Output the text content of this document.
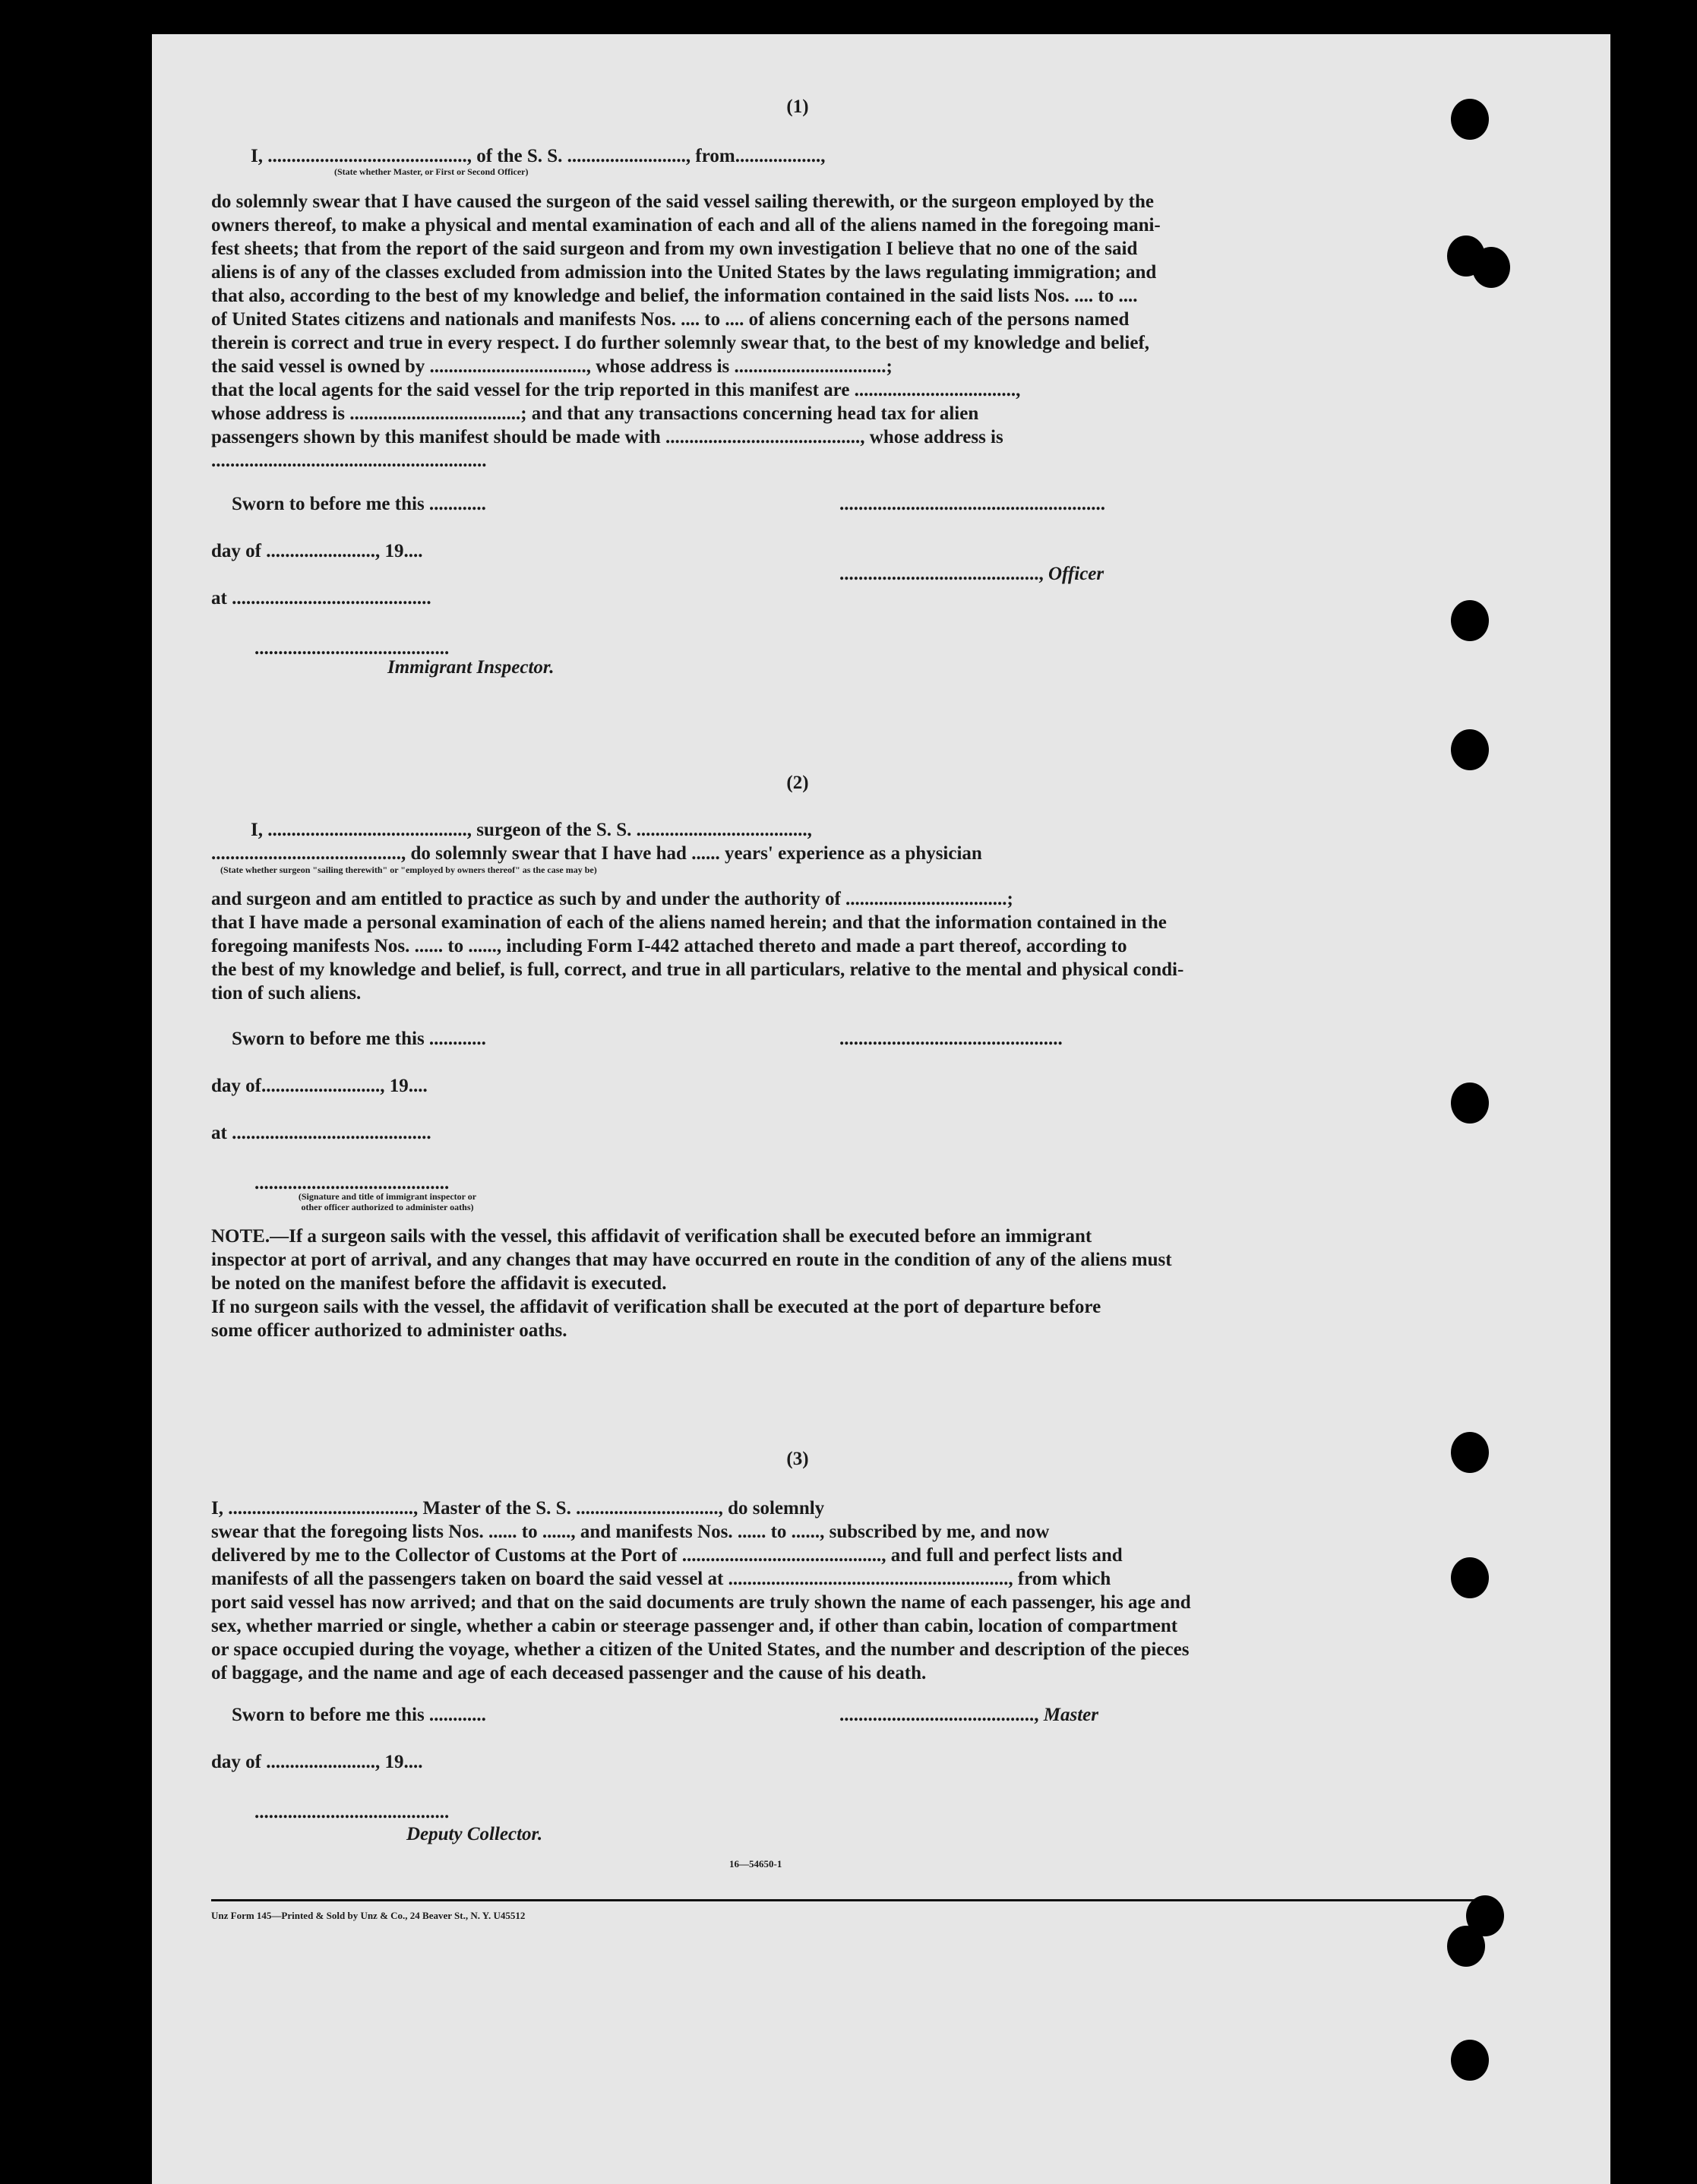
(1)
I, .........................................., of the S. S. ........................., from..................,
(State whether Master, or First or Second Officer)
do solemnly swear that I have caused the surgeon of the said vessel sailing therewith, or the surgeon employed by the
owners thereof, to make a physical and mental examination of each and all of the aliens named in the foregoing mani-
fest sheets; that from the report of the said surgeon and from my own investigation I believe that no one of the said
aliens is of any of the classes excluded from admission into the United States by the laws regulating immigration; and
that also, according to the best of my knowledge and belief, the information contained in the said lists Nos. .... to ....
of United States citizens and nationals and manifests Nos. .... to .... of aliens concerning each of the persons named
therein is correct and true in every respect. I do further solemnly swear that, to the best of my knowledge and belief,
the said vessel is owned by ................................., whose address is ................................;
that the local agents for the said vessel for the trip reported in this manifest are ..................................,
whose address is ....................................; and that any transactions concerning head tax for alien
passengers shown by this manifest should be made with ........................................., whose address is
..........................................................
Sworn to before me this ............	........................................................
day of ......................., 19....
.........................................., Officer
at ..........................................
.........................................
Immigrant Inspector.
(2)
I, .........................................., surgeon of the S. S. ....................................,
........................................, do solemnly swear that I have had ...... years' experience as a physician
(State whether surgeon "sailing therewith" or "employed by owners thereof" as the case may be)
and surgeon and am entitled to practice as such by and under the authority of ..................................;
that I have made a personal examination of each of the aliens named herein; and that the information contained in the
foregoing manifests Nos. ...... to ......, including Form I-442 attached thereto and made a part thereof, according to
the best of my knowledge and belief, is full, correct, and true in all particulars, relative to the mental and physical condi-
tion of such aliens.
Sworn to before me this ............	...............................................
day of........................., 19....
at ..........................................
.........................................
(Signature and title of immigrant inspector or
other officer authorized to administer oaths)
NOTE.—If a surgeon sails with the vessel, this affidavit of verification shall be executed before an immigrant
inspector at port of arrival, and any changes that may have occurred en route in the condition of any of the aliens must
be noted on the manifest before the affidavit is executed.
If no surgeon sails with the vessel, the affidavit of verification shall be executed at the port of departure before
some officer authorized to administer oaths.
(3)
I, ......................................., Master of the S. S. .............................., do solemnly
swear that the foregoing lists Nos. ...... to ......, and manifests Nos. ...... to ......, subscribed by me, and now
delivered by me to the Collector of Customs at the Port of .........................................., and full and perfect lists and
manifests of all the passengers taken on board the said vessel at ..........................................................., from which
port said vessel has now arrived; and that on the said documents are truly shown the name of each passenger, his age and
sex, whether married or single, whether a cabin or steerage passenger and, if other than cabin, location of compartment
or space occupied during the voyage, whether a citizen of the United States, and the number and description of the pieces
of baggage, and the name and age of each deceased passenger and the cause of his death.
Sworn to before me this ............	........................................., Master
day of ......................., 19....
.........................................
Deputy Collector.
16—54650-1
Unz Form 145—Printed & Sold by Unz & Co., 24 Beaver St., N. Y. U45512
